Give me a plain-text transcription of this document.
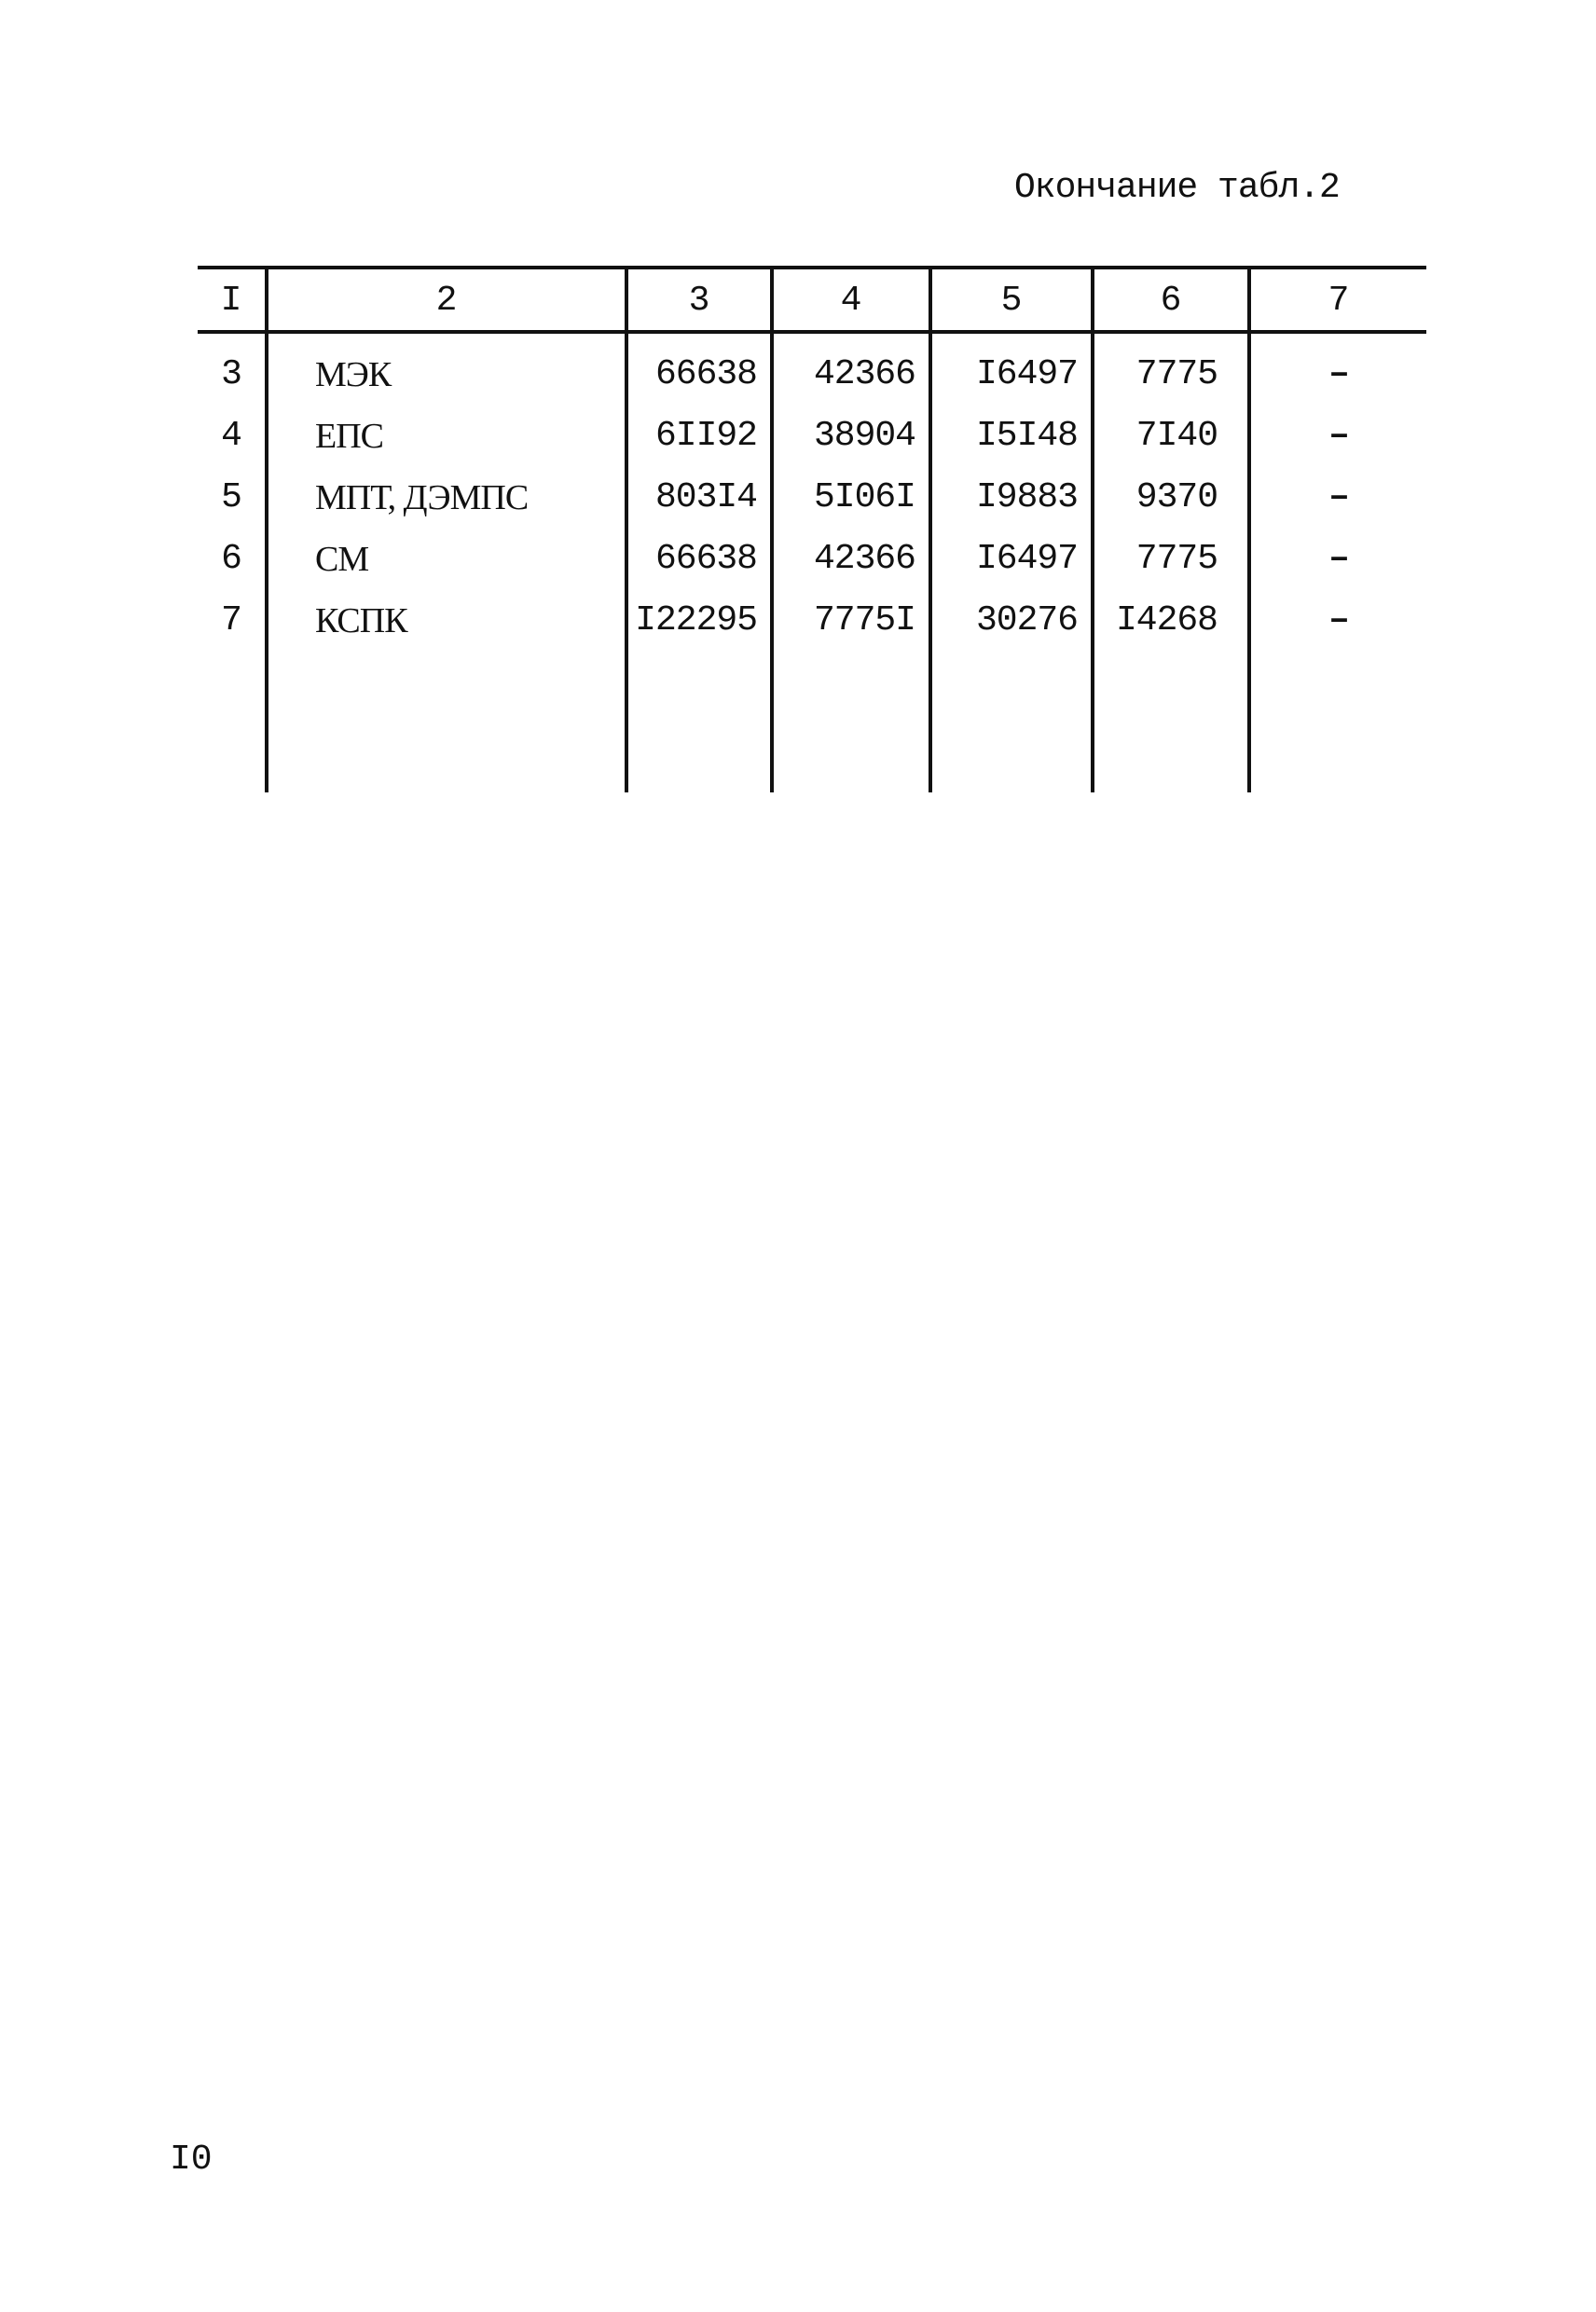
Окончание табл.2
I	2	3	4	5	6	7
3	МЭК	66638	42366	I6497	7775	–
4	ЕПС	6II92	38904	I5I48	7I40	–
5	МПТ, ДЭМПС	803I4	5I06I	I9883	9370	–
6	СМ	66638	42366	I6497	7775	–
7	КСПК	I22295	7775I	30276	I4268	–
I0
